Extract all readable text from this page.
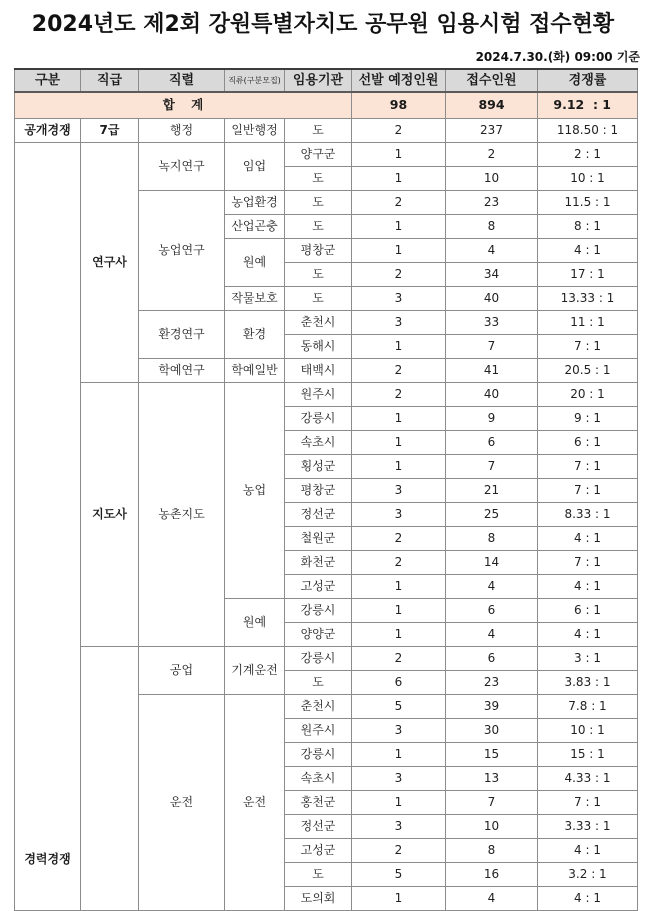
2024년도 제2회 강원특별자치도 공무원 임용시험 접수현황
2024.7.30.(화) 09:00 기준
구분	직급	직렬	직류(구분모집)	임용기관	선발 예정인원	접수인원	경쟁률
합 계					98	894	9.12  : 1
공개경쟁	7급	행정	일반행정	도	2	237	118.50 : 1
경력경쟁	연구사	녹지연구	임업	양구군	1	2	2 : 1
				도	1	10	10 : 1
		농업연구	농업환경	도	2	23	11.5 : 1
			산업곤충	도	1	8	8 : 1
			원예	평창군	1	4	4 : 1
				도	2	34	17 : 1
			작물보호	도	3	40	13.33 : 1
		환경연구	환경	춘천시	3	33	11 : 1
				동해시	1	7	7 : 1
		학예연구	학예일반	태백시	2	41	20.5 : 1
	지도사	농촌지도	농업	원주시	2	40	20 : 1
				강릉시	1	9	9 : 1
				속초시	1	6	6 : 1
				횡성군	1	7	7 : 1
				평창군	3	21	7 : 1
				정선군	3	25	8.33 : 1
				철원군	2	8	4 : 1
				화천군	2	14	7 : 1
				고성군	1	4	4 : 1
			원예	강릉시	1	6	6 : 1
				양양군	1	4	4 : 1
		공업	기계운전	강릉시	2	6	3 : 1
				도	6	23	3.83 : 1
		운전	운전	춘천시	5	39	7.8 : 1
				원주시	3	30	10 : 1
				강릉시	1	15	15 : 1
				속초시	3	13	4.33 : 1
				홍천군	1	7	7 : 1
				정선군	3	10	3.33 : 1
				고성군	2	8	4 : 1
				도	5	16	3.2 : 1
				도의회	1	4	4 : 1
